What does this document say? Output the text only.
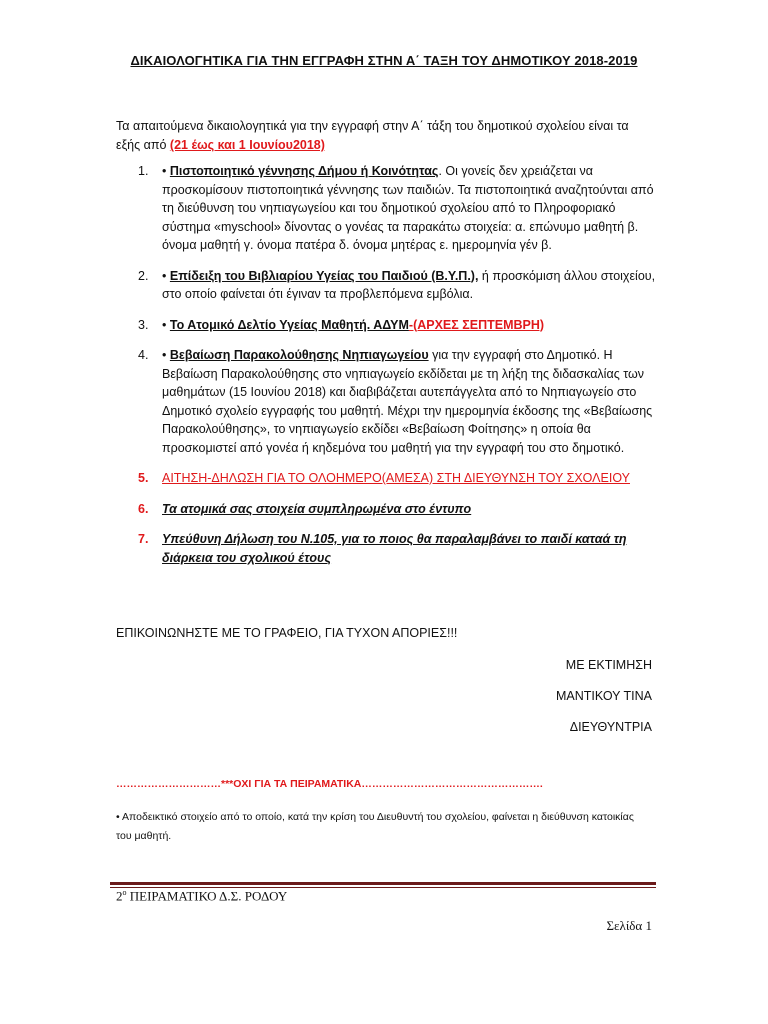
ΔΙΚΑΙΟΛΟΓΗΤΙΚΑ ΓΙΑ ΤΗΝ ΕΓΓΡΑΦΗ ΣΤΗΝ Α΄ ΤΑΞΗ ΤΟΥ ΔΗΜΟΤΙΚΟΥ 2018-2019
Τα απαιτούμενα δικαιολογητικά για την εγγραφή στην Α΄ τάξη του δημοτικού σχολείου είναι τα εξής από (21 έως και 1 Ιουνίου2018)
1. • Πιστοποιητικό γέννησης Δήμου ή Κοινότητας. Οι γονείς δεν χρειάζεται να προσκομίσουν πιστοποιητικά γέννησης των παιδιών. Τα πιστοποιητικά αναζητούνται από τη διεύθυνση του νηπιαγωγείου και του δημοτικού σχολείου από το Πληροφοριακό σύστημα «myschool» δίνοντας ο γονέας τα παρακάτω στοιχεία: α. επώνυμο μαθητή β. όνομα μαθητή γ. όνομα πατέρα δ. όνομα μητέρας ε. ημερομηνία γέν β.
2. • Επίδειξη του Βιβλιαρίου Υγείας του Παιδιού (Β.Υ.Π.), ή προσκόμιση άλλου στοιχείου, στο οποίο φαίνεται ότι έγιναν τα προβλεπόμενα εμβόλια.
3. • Το Ατομικό Δελτίο Υγείας Μαθητή. ΑΔΥΜ-(ΑΡΧΕΣ ΣΕΠΤΕΜΒΡΗ)
4. • Βεβαίωση Παρακολούθησης Νηπιαγωγείου για την εγγραφή στο Δημοτικό. Η Βεβαίωση Παρακολούθησης στο νηπιαγωγείο εκδίδεται με τη λήξη της διδασκαλίας των μαθημάτων (15 Ιουνίου 2018) και διαβιβάζεται αυτεπάγγελτα από το Νηπιαγωγείο στο Δημοτικό σχολείο εγγραφής του μαθητή. Μέχρι την ημερομηνία έκδοσης της «Βεβαίωσης Παρακολούθησης», το νηπιαγωγείο εκδίδει «Βεβαίωση Φοίτησης» η οποία θα προσκομιστεί από γονέα ή κηδεμόνα του μαθητή για την εγγραφή του στο δημοτικό.
5. ΑΙΤΗΣΗ-ΔΗΛΩΣΗ ΓΙΑ ΤΟ ΟΛΟΗΜΕΡΟ(ΑΜΕΣΑ) ΣΤΗ ΔΙΕΥΘΥΝΣΗ ΤΟΥ ΣΧΟΛΕΙΟΥ
6. Τα ατομικά σας στοιχεία συμπληρωμένα στο έντυπο
7. Υπεύθυνη Δήλωση του Ν.105, για το ποιος θα παραλαμβάνει το παιδί καταά τη διάρκεια του σχολικού έτους
ΕΠΙΚΟΙΝΩΝΗΣΤΕ ΜΕ ΤΟ ΓΡΑΦΕΙΟ, ΓΙΑ ΤΥΧΟΝ ΑΠΟΡΙΕΣ!!!
ΜΕ ΕΚΤΙΜΗΣΗ
ΜΑΝΤΙΚΟΥ ΤΙΝΑ
ΔΙΕΥΘΥΝΤΡΙΑ
…………………………***ΟΧΙ ΓΙΑ ΤΑ ΠΕΙΡΑΜΑΤΙΚΑ…………………………………………….
• Αποδεικτικό στοιχείο από το οποίο, κατά την κρίση του Διευθυντή του σχολείου, φαίνεται η διεύθυνση κατοικίας του μαθητή.
$2^o$ ΠΕΙΡΑΜΑΤΙΚΟ Δ.Σ. ΡΟΔΟΥ
Σελίδα 1
